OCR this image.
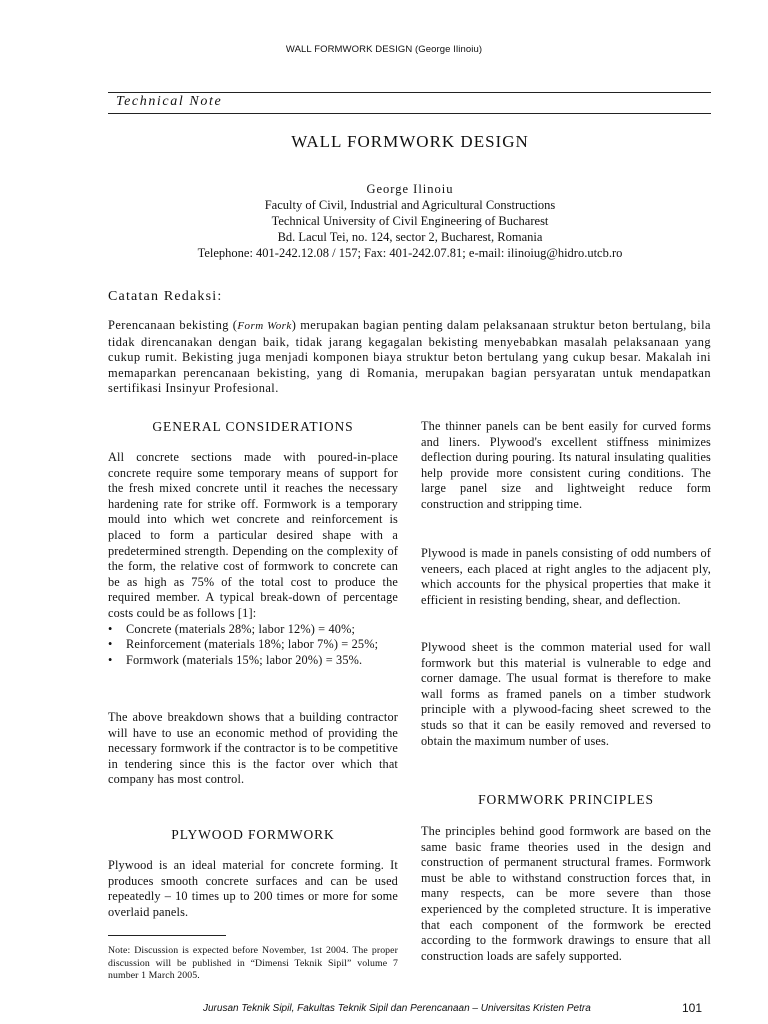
WALL FORMWORK DESIGN (George Ilinoiu)
Technical Note
WALL FORMWORK DESIGN
George Ilinoiu
Faculty of Civil, Industrial and Agricultural Constructions
Technical University of Civil Engineering of Bucharest
Bd. Lacul Tei, no. 124, sector 2, Bucharest, Romania
Telephone: 401-242.12.08 / 157; Fax: 401-242.07.81; e-mail: ilinoiug@hidro.utcb.ro
Catatan Redaksi:
Perencanaan bekisting (Form Work) merupakan bagian penting dalam pelaksanaan struktur beton bertulang, bila tidak direncanakan dengan baik, tidak jarang kegagalan bekisting menyebabkan masalah pelaksanaan yang cukup rumit. Bekisting juga menjadi komponen biaya struktur beton bertulang yang cukup besar. Makalah ini memaparkan perencanaan bekisting, yang di Romania, merupakan bagian persyaratan untuk mendapatkan sertifikasi Insinyur Profesional.
GENERAL CONSIDERATIONS

All concrete sections made with poured-in-place concrete require some temporary means of support for the fresh mixed concrete until it reaches the necessary hardening rate for strike off. Formwork is a temporary mould into which wet concrete and reinforcement is placed to form a particular desired shape with a predetermined strength. Depending on the complexity of the form, the relative cost of formwork to concrete can be as high as 75% of the total cost to produce the required member. A typical break-down of percentage costs could be as follows [1]:

• Concrete (materials 28%; labor 12%) = 40%;
• Reinforcement (materials 18%; labor 7%) = 25%;
• Formwork (materials 15%; labor 20%) = 35%.

The above breakdown shows that a building contractor will have to use an economic method of providing the necessary formwork if the contractor is to be competitive in tendering since this is the factor over which that company has most control.

PLYWOOD FORMWORK

Plywood is an ideal material for concrete forming. It produces smooth concrete surfaces and can be used repeatedly – 10 times up to 200 times or more for some overlaid panels.

The thinner panels can be bent easily for curved forms and liners. Plywood's excellent stiffness minimizes deflection during pouring. Its natural insulating qualities help provide more consistent curing conditions. The large panel size and lightweight reduce form construction and stripping time.

Plywood is made in panels consisting of odd numbers of veneers, each placed at right angles to the adjacent ply, which accounts for the physical properties that make it efficient in resisting bending, shear, and deflection.

Plywood sheet is the common material used for wall formwork but this material is vulnerable to edge and corner damage. The usual format is therefore to make wall forms as framed panels on a timber studwork principle with a plywood-facing sheet screwed to the studs so that it can be easily removed and reversed to obtain the maximum number of uses.

FORMWORK PRINCIPLES

The principles behind good formwork are based on the same basic frame theories used in the design and construction of permanent structural frames. Formwork must be able to withstand construction forces that, in many respects, can be more severe than those experienced by the completed structure. It is imperative that each component of the formwork be erected according to the formwork drawings to ensure that all construction loads are safely supported.

Note: Discussion is expected before November, 1st 2004. The proper discussion will be published in “Dimensi Teknik Sipil” volume 7 number 1 March 2005.
Jurusan Teknik Sipil, Fakultas Teknik Sipil dan Perencanaan – Universitas Kristen Petra	101
